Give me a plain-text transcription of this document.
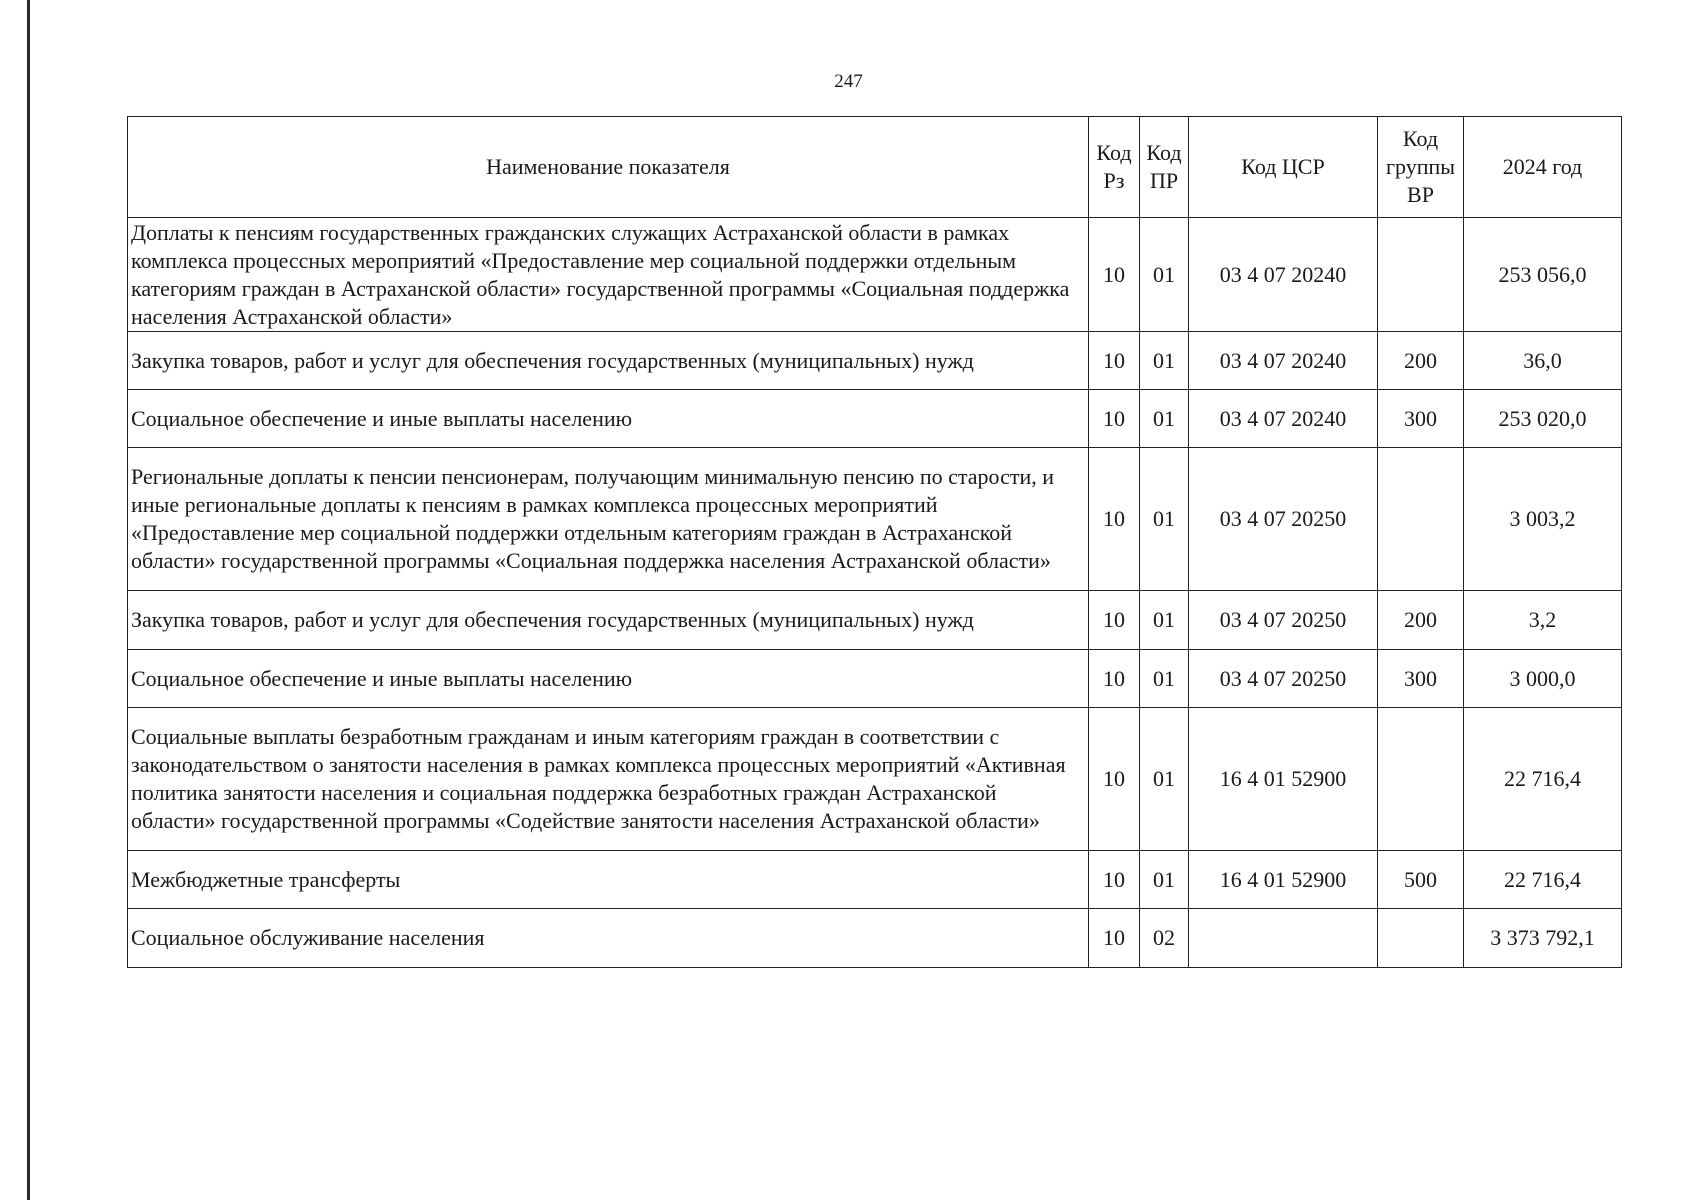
247
Наименование показателя	Код Рз	Код ПР	Код ЦСР	Код группы ВР	2024 год
Доплаты к пенсиям государственных гражданских служащих Астраханской области в рамках комплекса процессных мероприятий «Предоставление мер социальной поддержки отдельным категориям граждан в Астраханской области» государственной программы «Социальная поддержка населения Астраханской области»	10	01	03 4 07 20240		253 056,0
Закупка товаров, работ и услуг для обеспечения государственных (муниципальных) нужд	10	01	03 4 07 20240	200	36,0
Социальное обеспечение и иные выплаты населению	10	01	03 4 07 20240	300	253 020,0
Региональные доплаты к пенсии пенсионерам, получающим минимальную пенсию по старости, и иные региональные доплаты к пенсиям в рамках комплекса процессных мероприятий «Предоставление мер социальной поддержки отдельным категориям граждан в Астраханской области» государственной программы «Социальная поддержка населения Астраханской области»	10	01	03 4 07 20250		3 003,2
Закупка товаров, работ и услуг для обеспечения государственных (муниципальных) нужд	10	01	03 4 07 20250	200	3,2
Социальное обеспечение и иные выплаты населению	10	01	03 4 07 20250	300	3 000,0
Социальные выплаты безработным гражданам и иным категориям граждан в соответствии с законодательством о занятости населения в рамках комплекса процессных мероприятий «Активная политика занятости населения и социальная поддержка безработных граждан Астраханской области» государственной программы «Содействие занятости населения Астраханской области»	10	01	16 4 01 52900		22 716,4
Межбюджетные трансферты	10	01	16 4 01 52900	500	22 716,4
Социальное обслуживание населения	10	02			3 373 792,1
